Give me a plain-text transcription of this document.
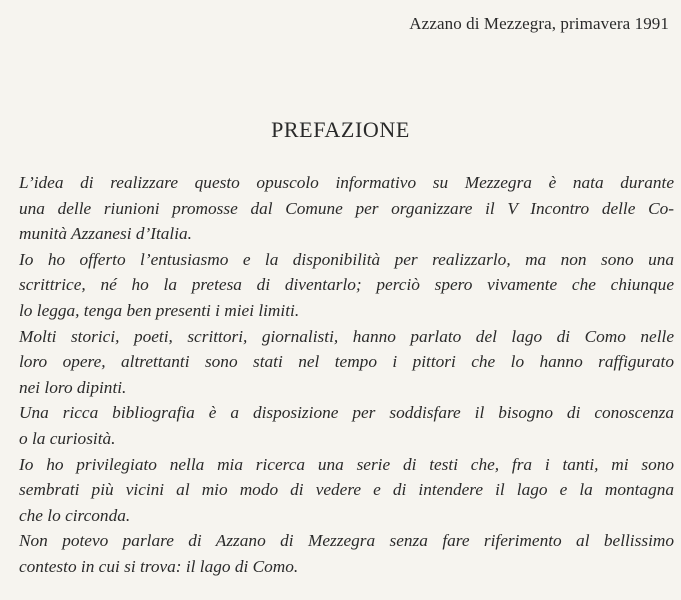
Azzano di Mezzegra, primavera 1991
PREFAZIONE

L’idea di realizzare questo opuscolo informativo su Mezzegra è nata durante
una delle riunioni promosse dal Comune per organizzare il V Incontro delle Co-
munità Azzanesi d’Italia.

Io ho offerto l’entusiasmo e la disponibilità per realizzarlo, ma non sono una
scrittrice, né ho la pretesa di diventarlo; perciò spero vivamente che chiunque
lo legga, tenga ben presenti i miei limiti.

Molti storici, poeti, scrittori, giornalisti, hanno parlato del lago di Como nelle
loro opere, altrettanti sono stati nel tempo i pittori che lo hanno raffigurato
nei loro dipinti.

Una ricca bibliografia è a disposizione per soddisfare il bisogno di conoscenza
o la curiosità.

Io ho privilegiato nella mia ricerca una serie di testi che, fra i tanti, mi sono
sembrati più vicini al mio modo di vedere e di intendere il lago e la montagna
che lo circonda.

Non potevo parlare di Azzano di Mezzegra senza fare riferimento al bellissimo
contesto in cui si trova: il lago di Como.
